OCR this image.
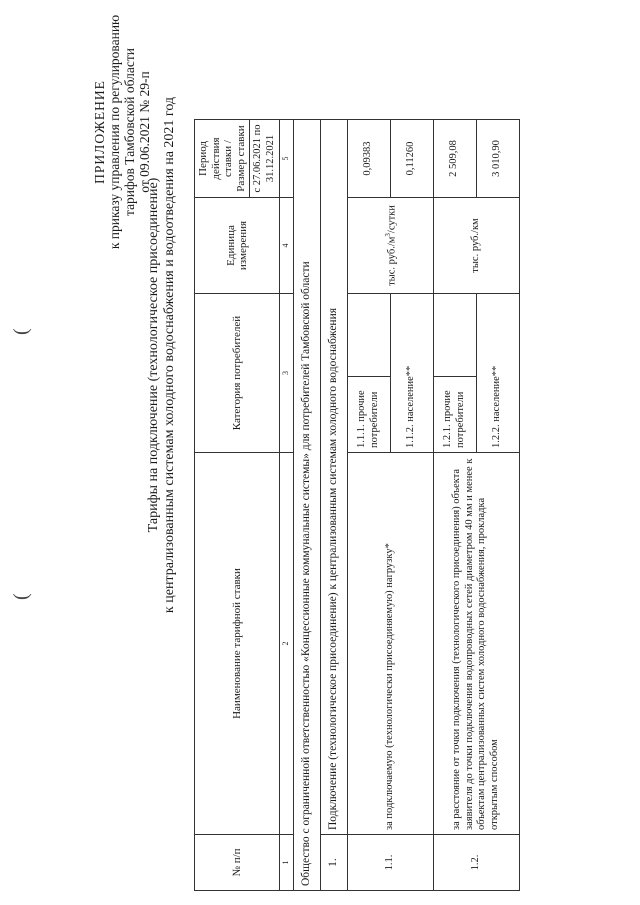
(
(
ПРИЛОЖЕНИЕ к приказу управления по регулированию тарифов Тамбовской области от 09.06.2021 № 29-п
Тарифы на подключение (технологическое присоединение) к централизованным системам холодного водоснабжения и водоотведения на 2021 год
№ п/п	Наименование тарифной ставки	Категория потребителей		Единица измерения	Период действия ставки /Размер ставки
					с 27.06.2021 по 31.12.2021
1	2	3		4	5
Общество с ограниченной ответственностью «Концессионные коммунальные системы» для потребителей Тамбовской области					
1.	Подключение (технологическое присоединение) к централизованным системам холодного водоснабжения				
1.1.	за подключаемую (технологически присоединяемую) нагрузку*	1.1.1. прочие потребители		тыс. $руб./м^3$/сутки	0,09383
		1.1.2. население**			0,11260
1.2.	за расстояние от точки подключения (технологического присоединения) объекта заявителя до точки подключения водопроводных сетей диаметром 40 мм и менее к объектам централизованных систем холодного водоснабжения, прокладка открытым способом	1.2.1. прочие потребители		тыс. руб./км	2 509,08
		1.2.2. население**			3 010,90
